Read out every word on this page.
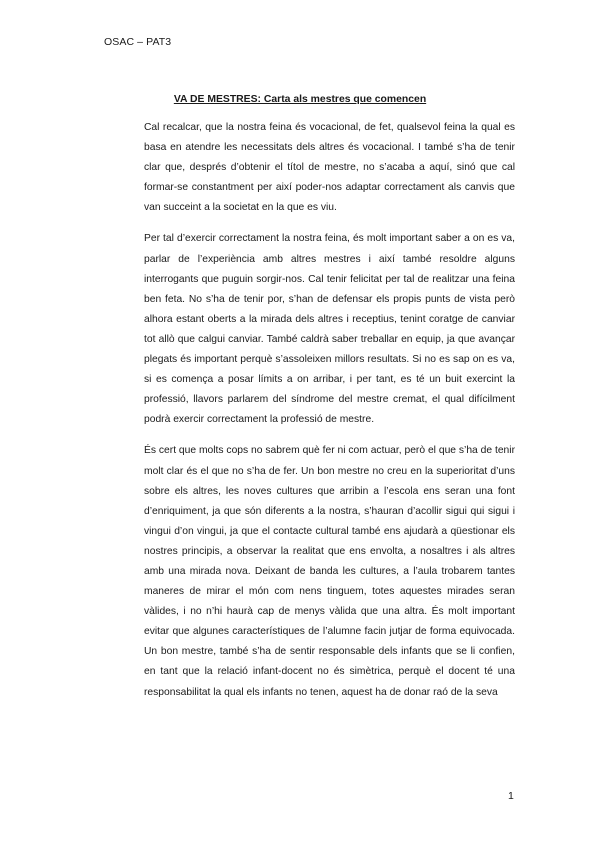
OSAC – PAT3
VA DE MESTRES: Carta als mestres que comencen

Cal recalcar, que la nostra feina és vocacional, de fet, qualsevol feina la qual es basa en atendre les necessitats dels altres és vocacional. I també s’ha de tenir clar que, després d’obtenir el títol de mestre, no s’acaba a aquí, sinó que cal formar-se constantment per així poder-nos adaptar correctament als canvis que van succeint a la societat en la que es viu.

Per tal d’exercir correctament la nostra feina, és molt important saber a on es va, parlar de l’experiència amb altres mestres i així també resoldre alguns interrogants que puguin sorgir-nos. Cal tenir felicitat per tal de realitzar una feina ben feta. No s’ha de tenir por, s’han de defensar els propis punts de vista però alhora estant oberts a la mirada dels altres i receptius, tenint coratge de canviar tot allò que calgui canviar. També caldrà saber treballar en equip, ja que avançar plegats és important perquè s’assoleixen millors resultats. Si no es sap on es va, si es comença a posar límits a on arribar, i per tant, es té un buit exercint la professió, llavors parlarem del síndrome del mestre cremat, el qual difícilment podrà exercir correctament la professió de mestre.

És cert que molts cops no sabrem què fer ni com actuar, però el que s’ha de tenir molt clar és el que no s’ha de fer. Un bon mestre no creu en la superioritat d’uns sobre els altres, les noves cultures que arribin a l’escola ens seran una font d’enriquiment, ja que són diferents a la nostra, s’hauran d’acollir sigui qui sigui i vingui d’on vingui, ja que el contacte cultural també ens ajudarà a qüestionar els nostres principis, a observar la realitat que ens envolta, a nosaltres i als altres amb una mirada nova. Deixant de banda les cultures, a l’aula trobarem tantes maneres de mirar el món com nens tinguem, totes aquestes mirades seran vàlides, i no n’hi haurà cap de menys vàlida que una altra. És molt important evitar que algunes característiques de l’alumne facin jutjar de forma equivocada. Un bon mestre, també s’ha de sentir responsable dels infants que se li confien, en tant que la relació infant-docent no és simètrica, perquè el docent té una responsabilitat la qual els infants no tenen, aquest ha de donar raó de la seva

1
